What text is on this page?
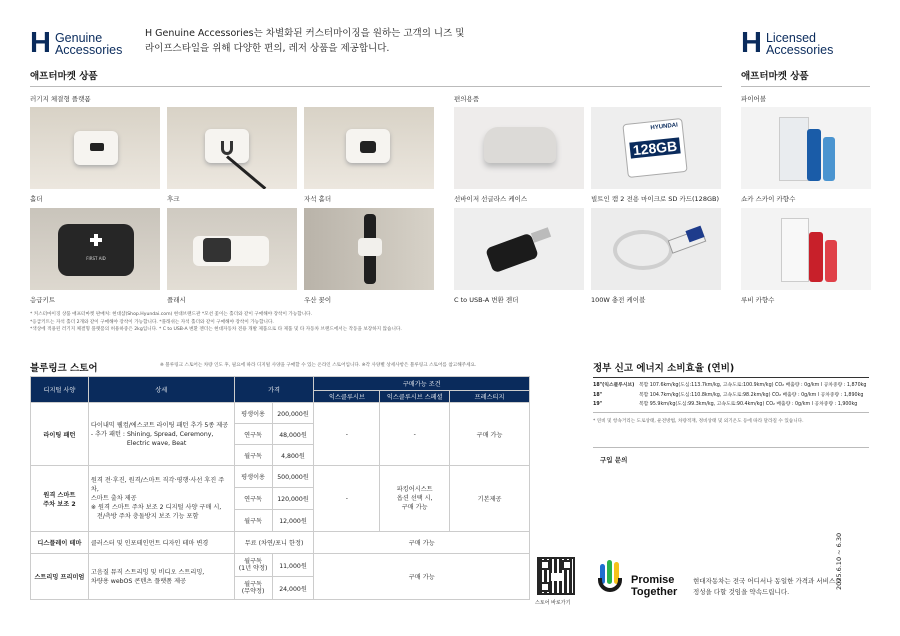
H Genuine
Accessories
H Genuine Accessories는 차별화된 커스터마이징을 원하는 고객의 니즈 및
라이프스타일을 위해 다양한 편의, 레저 상품을 제공합니다.	H Licensed
Accessories
애프터마켓 상품	애프터마켓 상품
러기지 체결형 플랫폼	편의용품	파이어볼
HYUNDAI
128GB
홀더	후크	자석 홀더	선바이저 선글라스 케이스	빌트인 캠 2 전용 마이크로 SD 카드(128GB)	쇼카 스카이 카향수
FIRST AID
응급키트	플래시	우산 꽂이	C to USB-A 변환 젠더	100W 충전 케이블	루비 카향수
* 커스터마이징 상품 애프터마켓 판매처: 현대샵(Shop.Hyundai.com) 현대브랜드관 *모션 꽃이는 홀더와 같이 구매해야 장착이 가능합니다.
*응급키트는 자석 홀더 2개와 같이 구매해야 장착이 가능합니다. *플래쉬는 자석 홀더와 같이 구매해야 장착이 가능합니다.
*색상에 적용된 러기지 체결형 플랫폼의 허용하중은 2kg입니다. * C to USB-A 변환 젠더는 현대자동차 전용 개발 제품으로 타 제품 및 타 자동차 브랜드에서는 작동을 보장하지 않습니다.
블루링크 스토어	※ 블루링크 스토어는 차량 인도 후, 필요에 따라 디지털 사양을 구매할 수 있는 온라인 스토어입니다. ※각 사양별 상세사항은 블루링크 스토어를 참고해주세요.
디지털 사양	상세	가격		구매가능 조건		
				익스클루시브	익스클루시브 스페셜	프레스티지
라이팅 패턴	다이내믹 웰컴/에스코트 라이팅 패턴 추가 5종 제공
- 추가 패턴 : Shining, Spread, Ceremony,
Electric wave, Beat	평생이용	200,000원	-	-	구매 가능
		연구독	48,000원			
		월구독	4,800원			
원격 스마트
주차 보조 2	원격 전·후진, 원격/스마트 직각·평행·사선 후진 주차,
스마트 출차 제공
※ 원격 스마트 주차 보조 2 디지털 사양 구매 시,
전/측방 주차 충돌방지 보조 기능 포함	평생이용	500,000원	-	파킹어시스트
옵션 선택 시,
구매 가능	기본제공
		연구독	120,000원			
		월구독	12,000원			
디스플레이 테마	클러스터 및 인포테인먼트 디자인 테마 변경	무료 (차연/포니 한정)		구매 가능		
스트리밍 프리미엄	고음질 뮤직 스트리밍 및 비디오 스트리밍,
차량용 webOS 콘텐츠 플랫폼 제공	월구독
(1년 약정)	11,000원	구매 가능		
		월구독
(무약정)	24,000원			
스토어 바로가기
정부 신고 에너지 소비효율 (연비)
18"(익스클루시브) 복합 107.6km/kg(도심:113.7km/kg, 고속도로:100.9km/kg) CO₂ 배출량 : 0g/km l 공차중량 : 1,870kg
18"	복합 104.7km/kg(도심:110.8km/kg, 고속도로:98.2km/kg) CO₂ 배출량 : 0g/km l 공차중량 : 1,890kg
19"	복합 95.9km/kg(도심:99.3km/kg, 고속도로:90.4km/kg) CO₂ 배출량 : 0g/km l 공차중량 : 1,900kg
* 연비 및 항속거리는 도로상태, 운전방법, 차량적재, 정비상태 및 외기온도 등에 따라 달라질 수 있습니다.
구입 문의
Promise
Together
현대자동차는 전국 어디서나 동일한 가격과 서비스로
정성을 다할 것임을 약속드립니다.
2025.6.10 ~ 6.30
